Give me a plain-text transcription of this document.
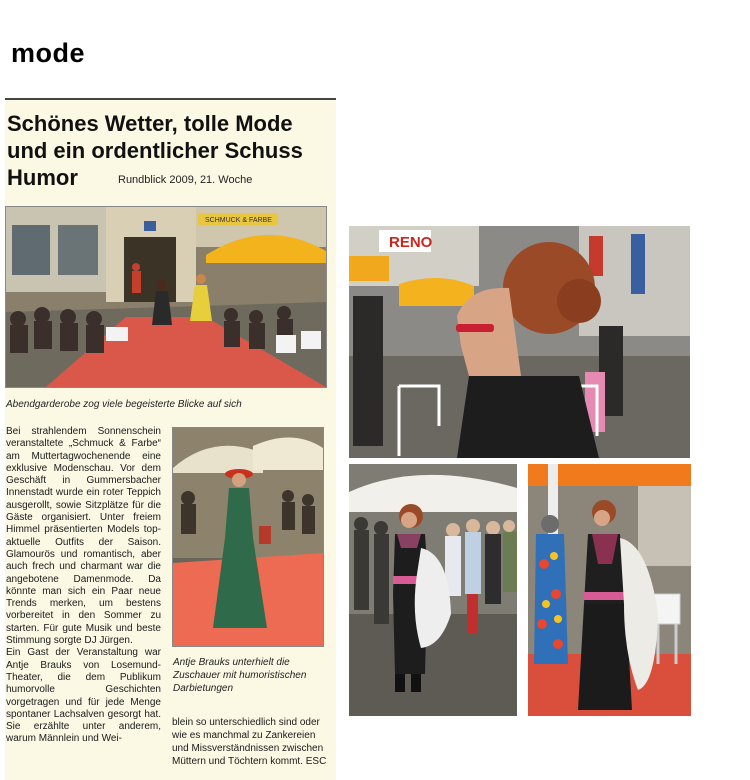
mode
Schönes Wetter, tolle Mode und ein ordentlicher Schuss Humor	Rundblick 2009, 21. Woche
SCHMUCK & FARBE
Abendgarderobe zog viele begeisterte Blicke auf sich

Bei strahlendem Sonnenschein veranstaltete „Schmuck & Farbe“ am Muttertagwochenende eine exklusive Modenschau. Vor dem Geschäft in Gummersbacher Innenstadt wurde ein roter Teppich ausgerollt, sowie Sitzplätze für die Gäste organisiert. Unter freiem Himmel präsentierten Models top-aktuelle Outfits der Saison. Glamourös und romantisch, aber auch frech und charmant war die angebotene Damenmode. Da könnte man sich ein Paar neue Trends merken, um bestens vorbereitet in den Sommer zu starten. Für gute Musik und beste Stimmung sorgte DJ Jürgen.

Ein Gast der Veranstaltung war Antje Brauks von Losemund-Theater, die dem Publikum humorvolle Geschichten vorgetragen und für jede Menge spontaner Lachsalven gesorgt hat. Sie erzählte unter anderem, warum Männlein und Wei-

Antje Brauks unterhielt die Zuschauer mit humoristischen Darbietungen
blein so unterschiedlich sind oder wie es manchmal zu Zankereien und Missverständnissen zwischen Müttern und Töchtern kommt. ESC
RENO
